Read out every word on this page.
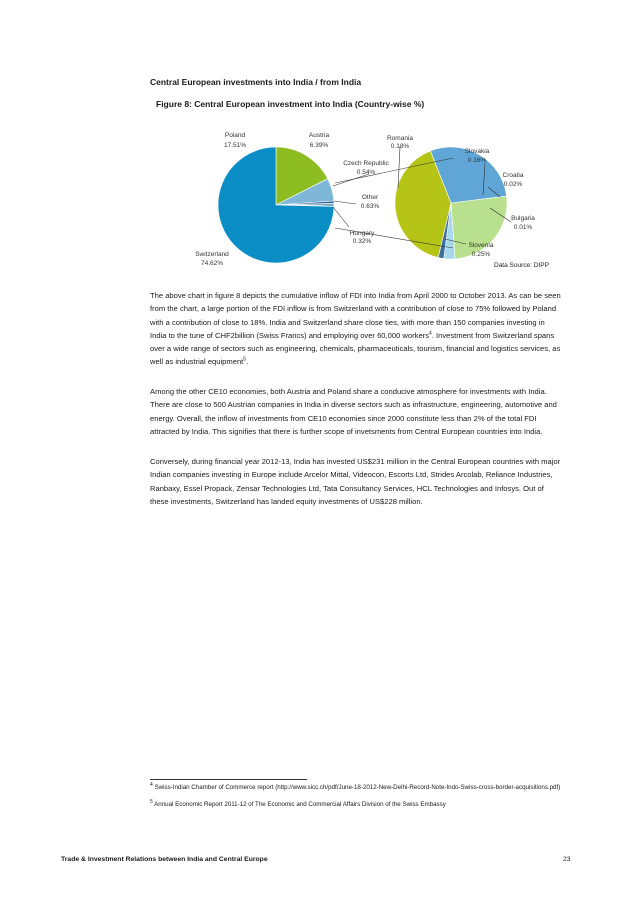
Central European investments into India / from India
Figure 8: Central European investment into India (Country-wise %)
Poland
17.51%
Austria
6.39%
Romania
0.18%
Slovakia
0.16%
Czech Republic
0.54%	Croatia
0.02%
Other
0.63%
Bulgaria
0.01%
Hungary
0.32%
Slovenia
0.25%
Switzerland
74.62%	Data Source: DIPP

The above chart in figure 8 depicts the cumulative inflow of FDI into India from April 2000 to October 2013. As can be seen from the chart, a large portion of the FDI inflow is from Switzerland with a contribution of close to 75% followed by Poland with a contribution of close to 18%. India and Switzerland share close ties, with more than 150 companies investing in India to the tune of CHF2billion (Swiss Francs) and employing over 60,000 workers$^4$. Investment from Switzerland spans over a wide range of sectors such as engineering, chemicals, pharmaceuticals, tourism, financial and logistics services, as well as industrial equipment$^5$.

Among the other CE10 economies, both Austria and Poland share a conducive atmosphere for investments with India. There are close to 500 Austrian companies in India in diverse sectors such as infrastructure, engineering, automotive and energy. Overall, the inflow of investments from CE10 economies since 2000 constitute less than 2% of the total FDI attracted by India. This signifies that there is further scope of invetsments from Central European countries into India.

Conversely, during financial year 2012-13, India has invested US$231 million in the Central European countries with major Indian companies investing in Europe include Arcelor Mittal, Videocon, Escorts Ltd, Strides Arcolab, Reliance Industries, Ranbaxy, Essel Propack, Zensar Technologies Ltd, Tata Consultancy Services, HCL Technologies and Infosys. Out of these investments, Switzerland has landed equity investments of US$228 million.

$^4$ Swiss-Indian Chamber of Commerce report (http://www.sicc.ch/pdf/June-18-2012-New-Delhi-Record-Note-Indo-Swiss-cross-border-acquisitions.pdf)
$^5$ Annual Economic Report 2011-12 of The Economic and Commercial Affairs Division of the Swiss Embassy
Trade & Investment Relations between India and Central Europe	23
